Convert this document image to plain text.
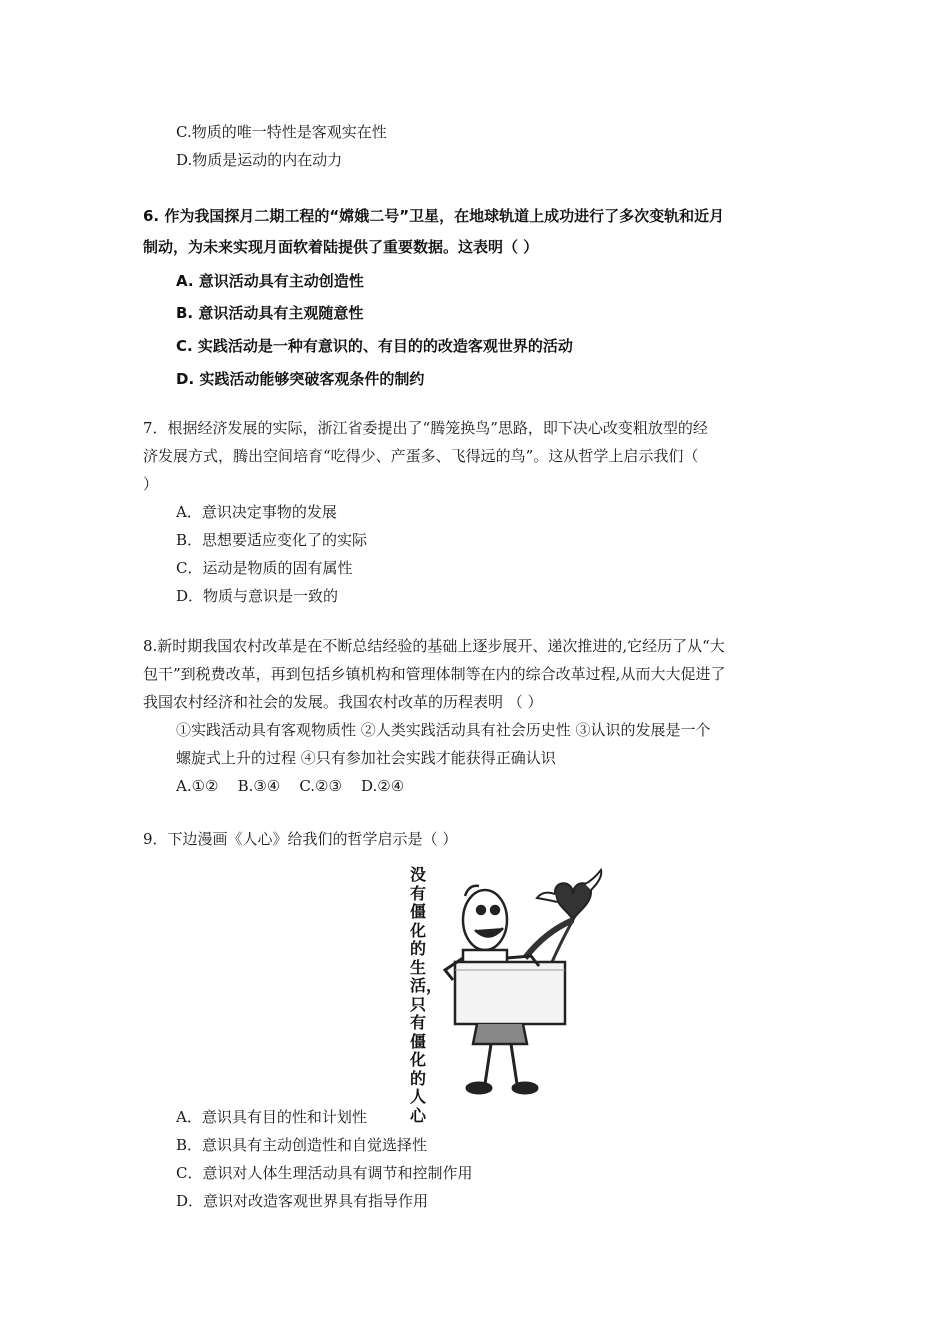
C.物质的唯一特性是客观实在性
D.物质是运动的内在动力
6. 作为我国探月二期工程的“嫦娥二号”卫星，在地球轨道上成功进行了多次变轨和近月
制动，为未来实现月面软着陆提供了重要数据。这表明（ ）
A. 意识活动具有主动创造性
B. 意识活动具有主观随意性
C. 实践活动是一种有意识的、有目的的改造客观世界的活动
D. 实践活动能够突破客观条件的制约
7．根据经济发展的实际，浙江省委提出了“腾笼换鸟”思路，即下决心改变粗放型的经
济发展方式，腾出空间培育“吃得少、产蛋多、飞得远的鸟”。这从哲学上启示我们（
）
A．意识决定事物的发展
B．思想要适应变化了的实际
C．运动是物质的固有属性
D．物质与意识是一致的
8.新时期我国农村改革是在不断总结经验的基础上逐步展开、递次推进的,它经历了从“大
包干”到税费改革，再到包括乡镇机构和管理体制等在内的综合改革过程,从而大大促进了
我国农村经济和社会的发展。我国农村改革的历程表明 （ ）
①实践活动具有客观物质性 ②人类实践活动具有社会历史性 ③认识的发展是一个
螺旋式上升的过程 ④只有参加社会实践才能获得正确认识
A.①②    B.③④    C.②③    D.②④
9．下边漫画《人心》给我们的哲学启示是（ ）
没有僵化的生活，只有僵化的人心
A．意识具有目的性和计划性
B．意识具有主动创造性和自觉选择性
C．意识对人体生理活动具有调节和控制作用
D．意识对改造客观世界具有指导作用
